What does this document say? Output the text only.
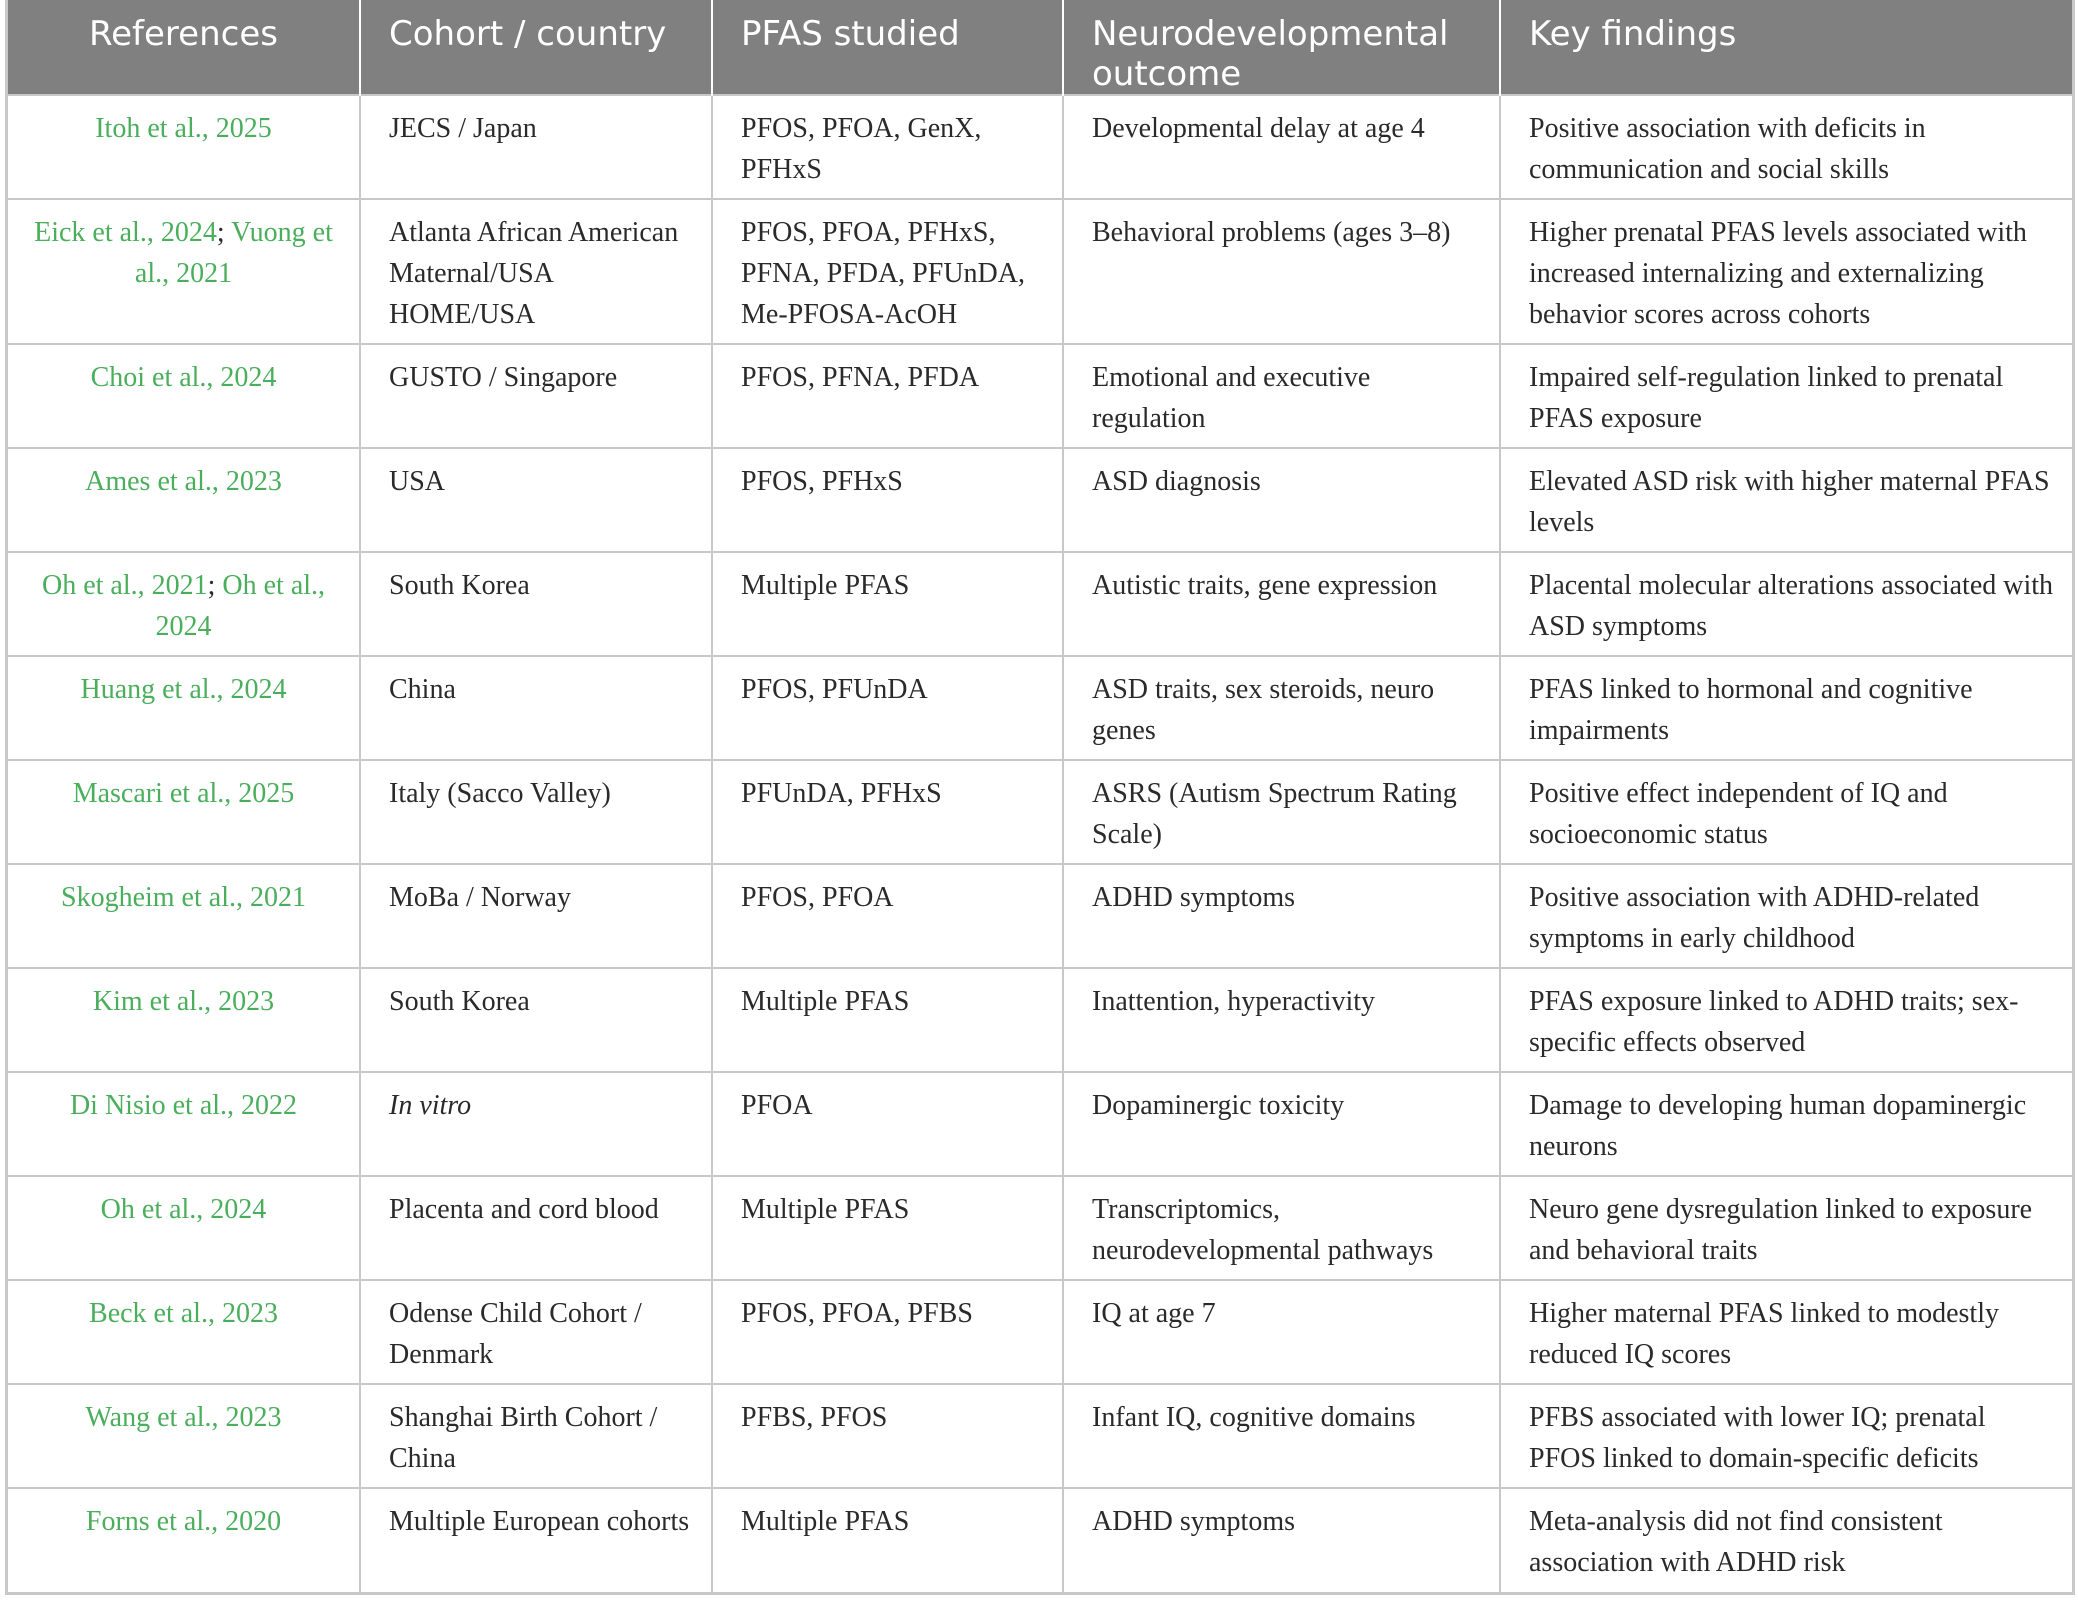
References	Cohort / country	PFAS studied	Neurodevelopmental outcome	Key findings
Itoh et al., 2025	JECS / Japan	PFOS, PFOA, GenX, PFHxS	Developmental delay at age 4	Positive association with deficits in communication and social skills
Eick et al., 2024; Vuong et al., 2021	Atlanta African American Maternal/USA HOME/USA	PFOS, PFOA, PFHxS, PFNA, PFDA, PFUnDA, Me-PFOSA-AcOH	Behavioral problems (ages 3–8)	Higher prenatal PFAS levels associated with increased internalizing and externalizing behavior scores across cohorts
Choi et al., 2024	GUSTO / Singapore	PFOS, PFNA, PFDA	Emotional and executive regulation	Impaired self-regulation linked to prenatal PFAS exposure
Ames et al., 2023	USA	PFOS, PFHxS	ASD diagnosis	Elevated ASD risk with higher maternal PFAS levels
Oh et al., 2021; Oh et al., 2024	South Korea	Multiple PFAS	Autistic traits, gene expression	Placental molecular alterations associated with ASD symptoms
Huang et al., 2024	China	PFOS, PFUnDA	ASD traits, sex steroids, neuro genes	PFAS linked to hormonal and cognitive impairments
Mascari et al., 2025	Italy (Sacco Valley)	PFUnDA, PFHxS	ASRS (Autism Spectrum Rating Scale)	Positive effect independent of IQ and socioeconomic status
Skogheim et al., 2021	MoBa / Norway	PFOS, PFOA	ADHD symptoms	Positive association with ADHD-related symptoms in early childhood
Kim et al., 2023	South Korea	Multiple PFAS	Inattention, hyperactivity	PFAS exposure linked to ADHD traits; sex-specific effects observed
Di Nisio et al., 2022	In vitro	PFOA	Dopaminergic toxicity	Damage to developing human dopaminergic neurons
Oh et al., 2024	Placenta and cord blood	Multiple PFAS	Transcriptomics, neurodevelopmental pathways	Neuro gene dysregulation linked to exposure and behavioral traits
Beck et al., 2023	Odense Child Cohort / Denmark	PFOS, PFOA, PFBS	IQ at age 7	Higher maternal PFAS linked to modestly reduced IQ scores
Wang et al., 2023	Shanghai Birth Cohort / China	PFBS, PFOS	Infant IQ, cognitive domains	PFBS associated with lower IQ; prenatal PFOS linked to domain-specific deficits
Forns et al., 2020	Multiple European cohorts	Multiple PFAS	ADHD symptoms	Meta-analysis did not find consistent association with ADHD risk
